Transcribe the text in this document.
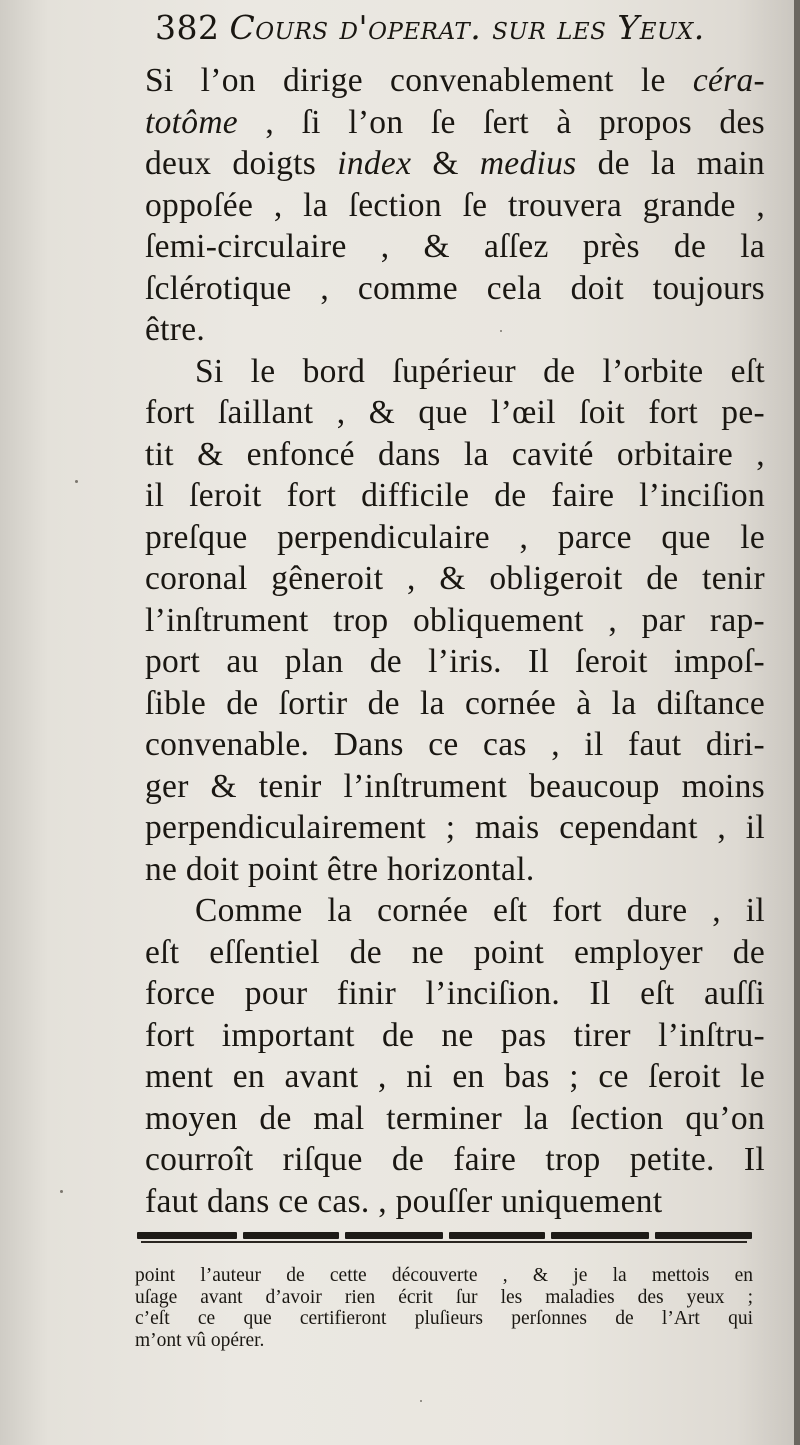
382 Cours d'operat. sur les Yeux.
Si l’on dirige convenablement le céra-
totôme , ſi l’on ſe ſert à propos des
deux doigts index & medius de la main
oppoſée , la ſection ſe trouvera grande ,
ſemi-circulaire , & aſſez près de la
ſclérotique , comme cela doit toujours
être.
Si le bord ſupérieur de l’orbite eſt
fort ſaillant , & que l’œil ſoit fort pe-
tit & enfoncé dans la cavité orbitaire ,
il ſeroit fort difficile de faire l’inciſion
preſque perpendiculaire , parce que le
coronal gêneroit , & obligeroit de tenir
l’inſtrument trop obliquement , par rap-
port au plan de l’iris. Il ſeroit impoſ-
ſible de ſortir de la cornée à la diſtance
convenable. Dans ce cas , il faut diri-
ger & tenir l’inſtrument beaucoup moins
perpendiculairement ; mais cependant , il
ne doit point être horizontal.
Comme la cornée eſt fort dure , il
eſt eſſentiel de ne point employer de
force pour finir l’inciſion. Il eſt auſſi
fort important de ne pas tirer l’inſtru-
ment en avant , ni en bas ; ce ſeroit le
moyen de mal terminer la ſection qu’on
courroît riſque de faire trop petite. Il
faut dans ce cas. , pouſſer uniquement
point l’auteur de cette découverte , & je la mettois en
uſage avant d’avoir rien écrit ſur les maladies des yeux ;
c’eſt ce que certifieront pluſieurs perſonnes de l’Art qui
m’ont vû opérer.
